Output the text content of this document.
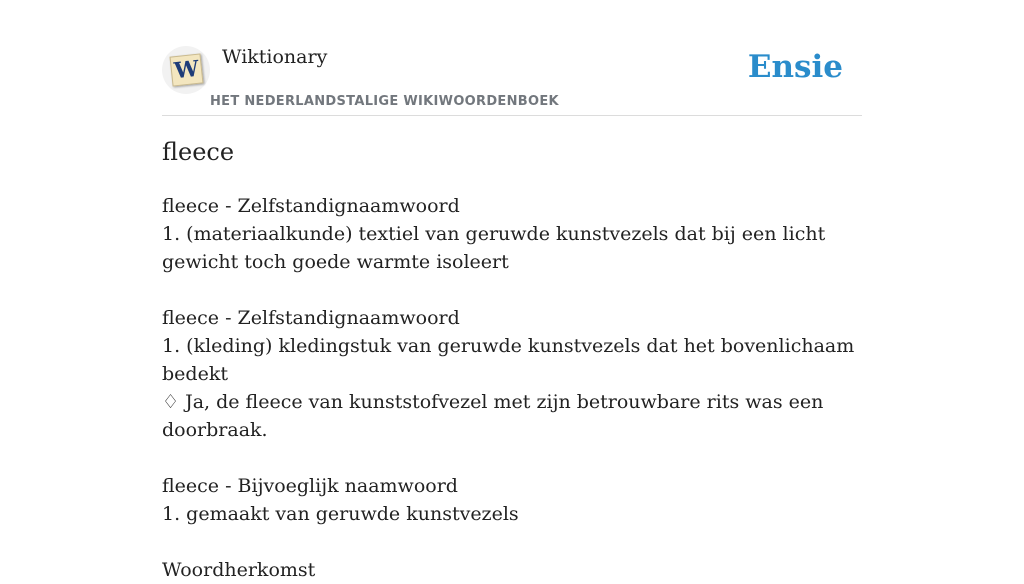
W Wiktionary
HET NEDERLANDSTALIGE WIKIWOORDENBOEK
Ensie
fleece

fleece - Zelfstandignaamwoord

1. (materiaalkunde) textiel van geruwde kunstvezels dat bij een licht gewicht toch goede warmte isoleert

fleece - Zelfstandignaamwoord

1. (kleding) kledingstuk van geruwde kunstvezels dat het bovenlichaam bedekt

♢ Ja, de fleece van kunststofvezel met zijn betrouwbare rits was een doorbraak.

fleece - Bijvoeglijk naamwoord

1. gemaakt van geruwde kunstvezels

Woordherkomst
